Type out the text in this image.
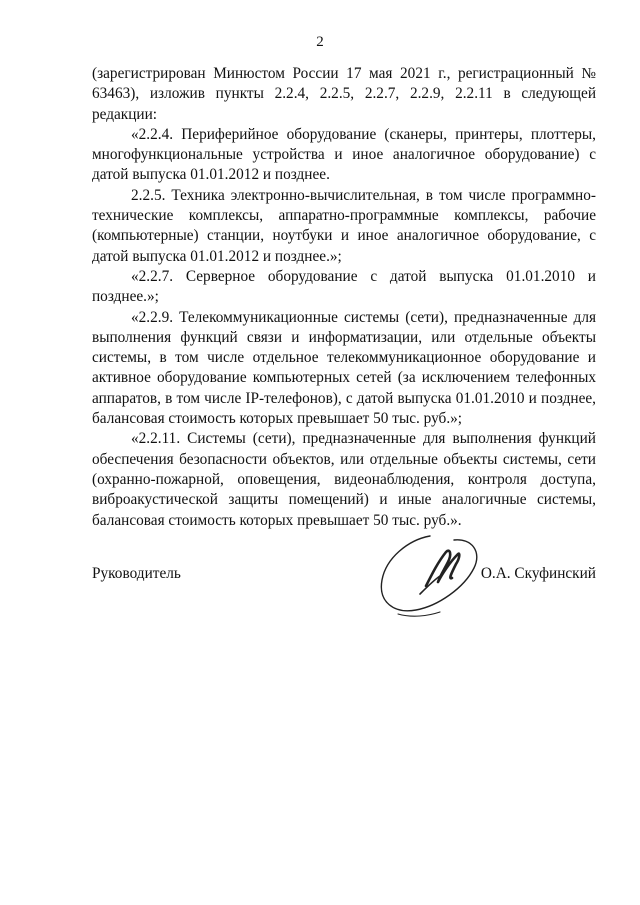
2

(зарегистрирован Минюстом России 17 мая 2021 г., регистрационный № 63463), изложив пункты 2.2.4, 2.2.5, 2.2.7, 2.2.9, 2.2.11 в следующей редакции:

«2.2.4. Периферийное оборудование (сканеры, принтеры, плоттеры, многофункциональные устройства и иное аналогичное оборудование) с датой выпуска 01.01.2012 и позднее.

2.2.5. Техника электронно-вычислительная, в том числе программно-технические комплексы, аппаратно-программные комплексы, рабочие (компьютерные) станции, ноутбуки и иное аналогичное оборудование, с датой выпуска 01.01.2012 и позднее.»;

«2.2.7. Серверное оборудование с датой выпуска 01.01.2010 и позднее.»;

«2.2.9. Телекоммуникационные системы (сети), предназначенные для выполнения функций связи и информатизации, или отдельные объекты системы, в том числе отдельное телекоммуникационное оборудование и активное оборудование компьютерных сетей (за исключением телефонных аппаратов, в том числе IP-телефонов), с датой выпуска 01.01.2010 и позднее, балансовая стоимость которых превышает 50 тыс. руб.»;

«2.2.11. Системы (сети), предназначенные для выполнения функций обеспечения безопасности объектов, или отдельные объекты системы, сети (охранно-пожарной, оповещения, видеонаблюдения, контроля доступа, виброакустической защиты помещений) и иные аналогичные системы, балансовая стоимость которых превышает 50 тыс. руб.».

Руководитель	О.А. Скуфинский
